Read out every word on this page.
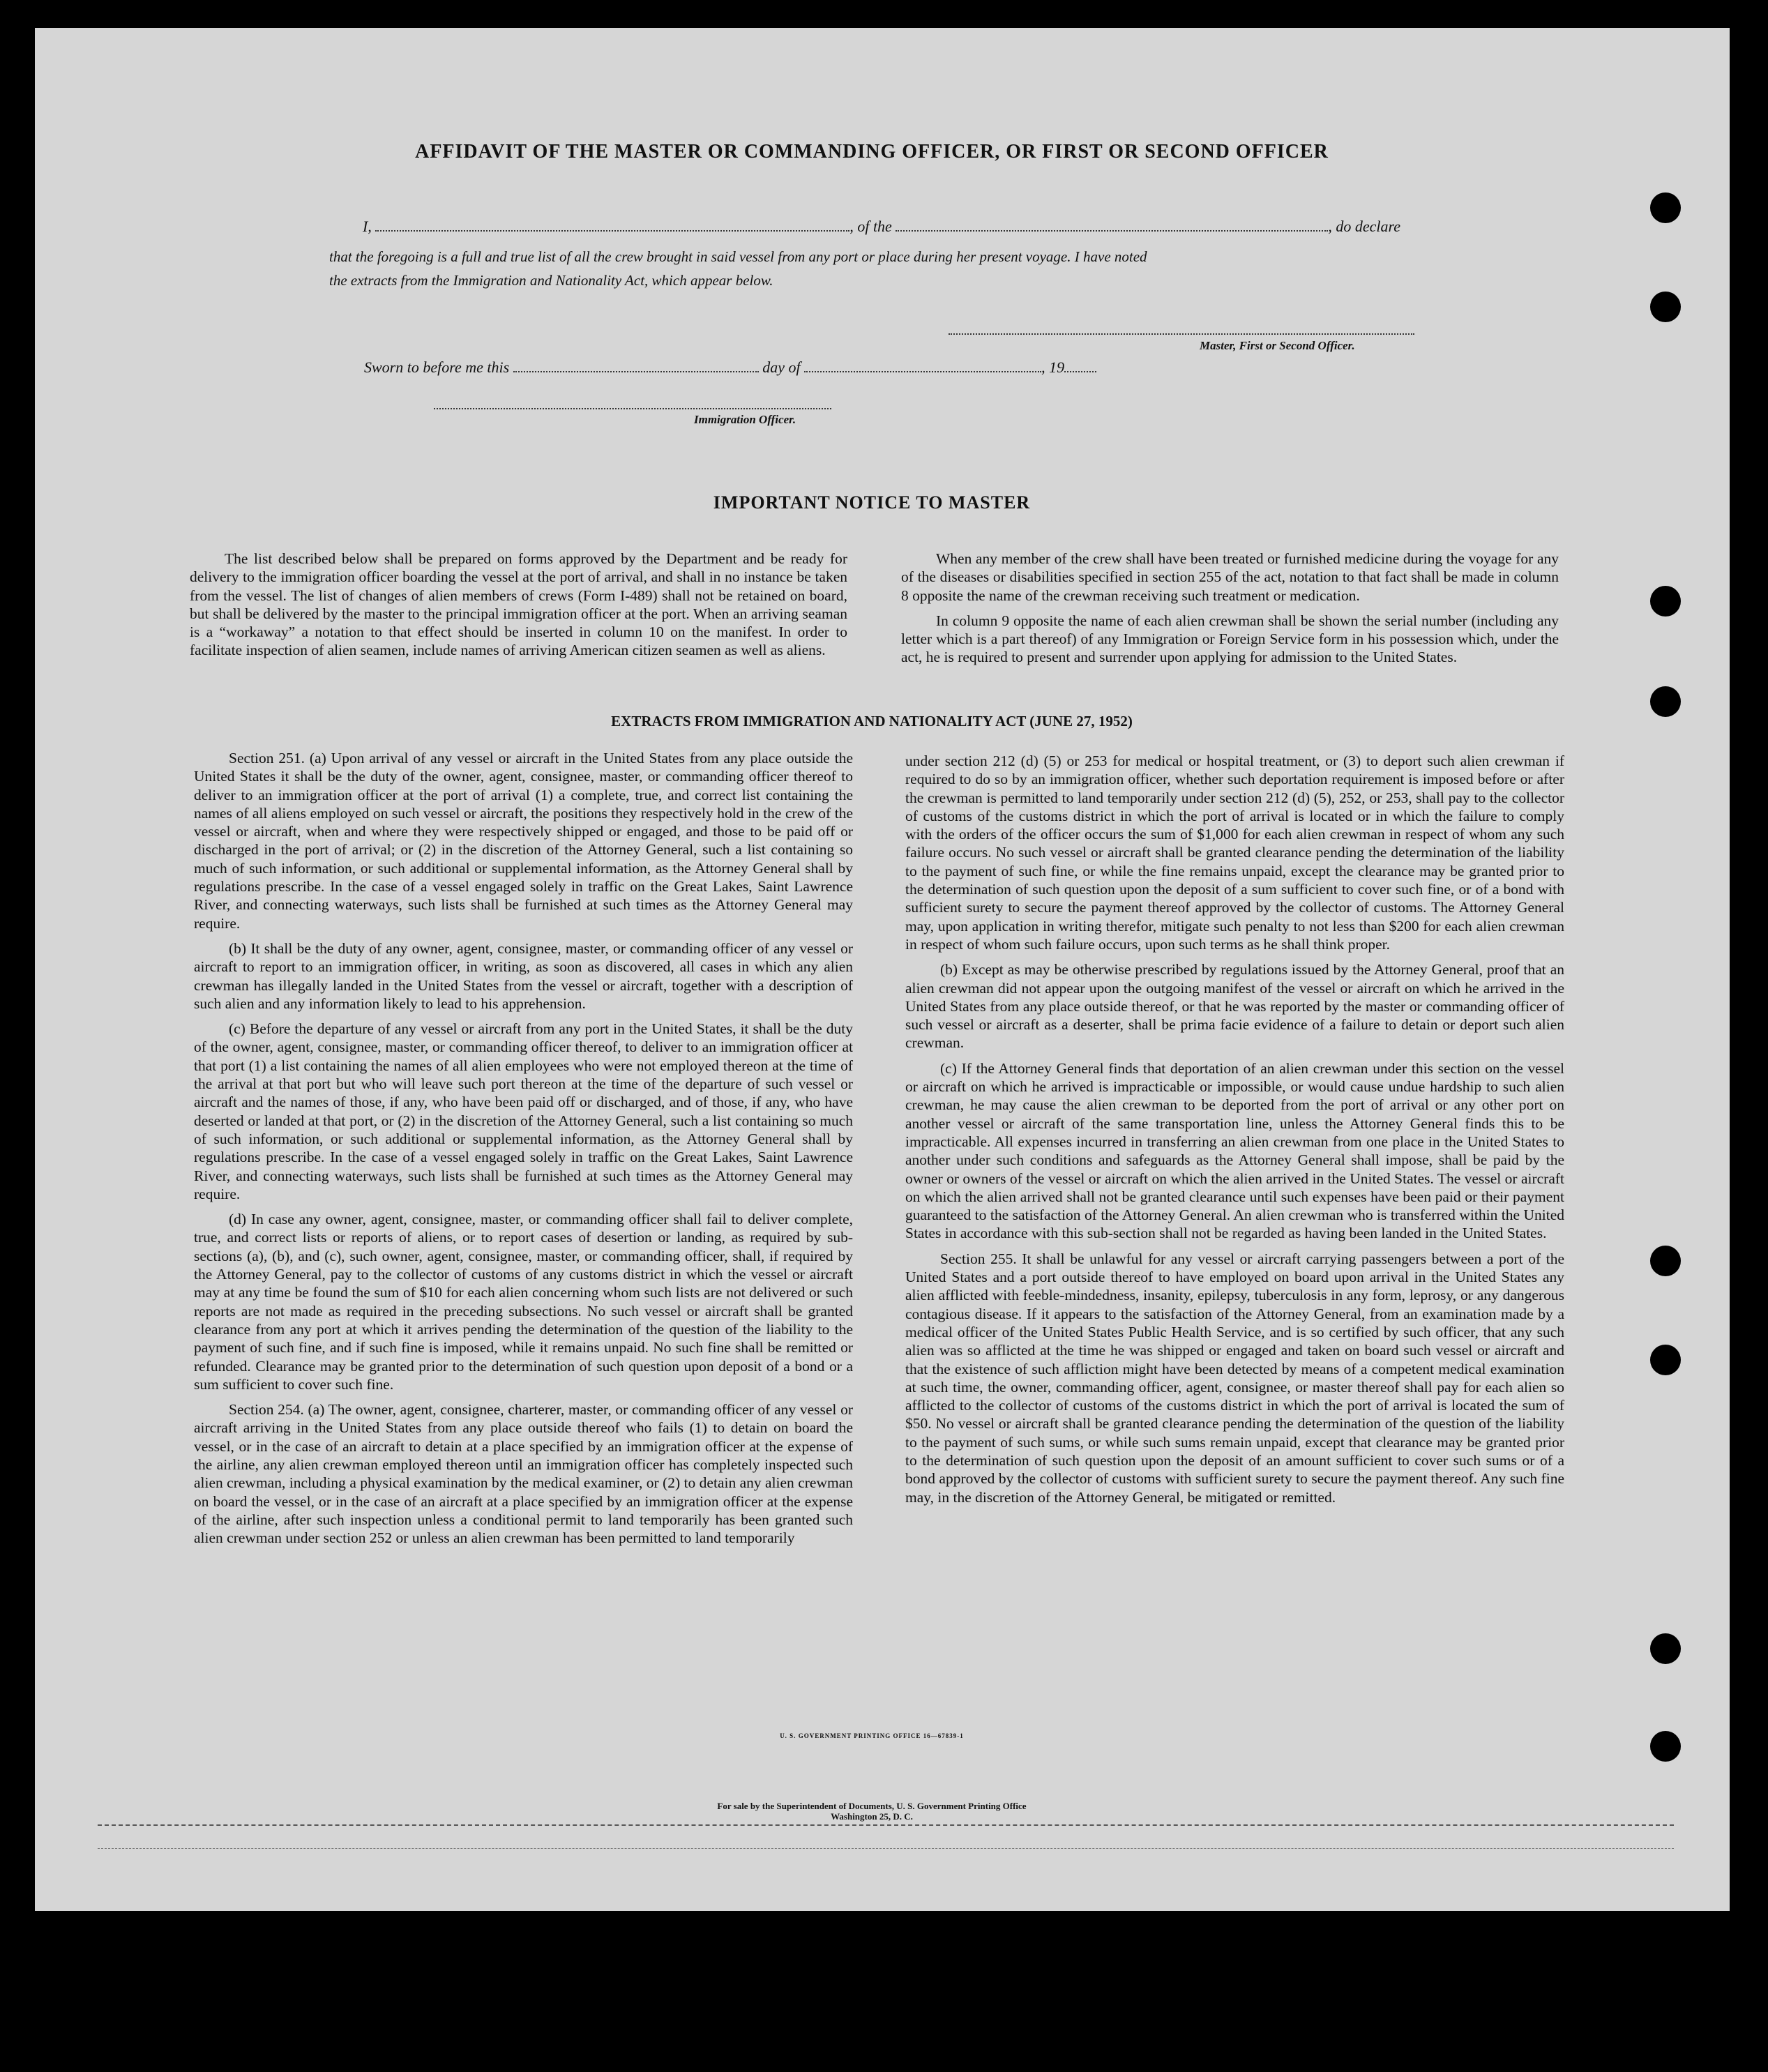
AFFIDAVIT OF THE MASTER OR COMMANDING OFFICER, OR FIRST OR SECOND OFFICER
I,	, of the	, do declare
that the foregoing is a full and true list of all the crew brought in said vessel from any port or place during her present voyage. I have noted
the extracts from the Immigration and Nationality Act, which appear below.
Master, First or Second Officer.
Sworn to before me this	day of	, 19
Immigration Officer.
IMPORTANT NOTICE TO MASTER

The list described below shall be prepared on forms approved by the Department and be ready for delivery to the immigration officer boarding the vessel at the port of arrival, and shall in no instance be taken from the vessel. The list of changes of alien members of crews (Form I-489) shall not be retained on board, but shall be delivered by the master to the principal immigration officer at the port. When an arriving seaman is a “workaway” a notation to that effect should be inserted in column 10 on the manifest. In order to facilitate inspection of alien seamen, include names of arriving American citizen seamen as well as aliens.

When any member of the crew shall have been treated or furnished medicine during the voyage for any of the diseases or disabilities specified in section 255 of the act, notation to that fact shall be made in column 8 opposite the name of the crewman receiving such treatment or medication.

In column 9 opposite the name of each alien crewman shall be shown the serial number (including any letter which is a part thereof) of any Immigration or Foreign Service form in his possession which, under the act, he is required to present and surrender upon applying for admission to the United States.

EXTRACTS FROM IMMIGRATION AND NATIONALITY ACT (JUNE 27, 1952)

Section 251. (a) Upon arrival of any vessel or aircraft in the United States from any place outside the United States it shall be the duty of the owner, agent, consignee, master, or commanding officer thereof to deliver to an immigration officer at the port of arrival (1) a complete, true, and correct list containing the names of all aliens employed on such vessel or aircraft, the positions they respectively hold in the crew of the vessel or aircraft, when and where they were respectively shipped or engaged, and those to be paid off or discharged in the port of arrival; or (2) in the discretion of the Attorney General, such a list containing so much of such information, or such additional or supplemental information, as the Attorney General shall by regulations prescribe. In the case of a vessel engaged solely in traffic on the Great Lakes, Saint Lawrence River, and connecting waterways, such lists shall be furnished at such times as the Attorney General may require.

(b) It shall be the duty of any owner, agent, consignee, master, or commanding officer of any vessel or aircraft to report to an immigration officer, in writing, as soon as discovered, all cases in which any alien crewman has illegally landed in the United States from the vessel or aircraft, together with a description of such alien and any information likely to lead to his apprehension.

(c) Before the departure of any vessel or aircraft from any port in the United States, it shall be the duty of the owner, agent, consignee, master, or commanding officer thereof, to deliver to an immigration officer at that port (1) a list containing the names of all alien employees who were not employed thereon at the time of the arrival at that port but who will leave such port thereon at the time of the departure of such vessel or aircraft and the names of those, if any, who have been paid off or discharged, and of those, if any, who have deserted or landed at that port, or (2) in the discretion of the Attorney General, such a list containing so much of such information, or such additional or supplemental information, as the Attorney General shall by regulations prescribe. In the case of a vessel engaged solely in traffic on the Great Lakes, Saint Lawrence River, and connecting waterways, such lists shall be furnished at such times as the Attorney General may require.

(d) In case any owner, agent, consignee, master, or commanding officer shall fail to deliver complete, true, and correct lists or reports of aliens, or to report cases of desertion or landing, as required by sub-sections (a), (b), and (c), such owner, agent, consignee, master, or commanding officer, shall, if required by the Attorney General, pay to the collector of customs of any customs district in which the vessel or aircraft may at any time be found the sum of $10 for each alien concerning whom such lists are not delivered or such reports are not made as required in the preceding subsections. No such vessel or aircraft shall be granted clearance from any port at which it arrives pending the determination of the question of the liability to the payment of such fine, and if such fine is imposed, while it remains unpaid. No such fine shall be remitted or refunded. Clearance may be granted prior to the determination of such question upon deposit of a bond or a sum sufficient to cover such fine.

Section 254. (a) The owner, agent, consignee, charterer, master, or commanding officer of any vessel or aircraft arriving in the United States from any place outside thereof who fails (1) to detain on board the vessel, or in the case of an aircraft to detain at a place specified by an immigration officer at the expense of the airline, any alien crewman employed thereon until an immigration officer has completely inspected such alien crewman, including a physical examination by the medical examiner, or (2) to detain any alien crewman on board the vessel, or in the case of an aircraft at a place specified by an immigration officer at the expense of the airline, after such inspection unless a conditional permit to land temporarily has been granted such alien crewman under section 252 or unless an alien crewman has been permitted to land temporarily

under section 212 (d) (5) or 253 for medical or hospital treatment, or (3) to deport such alien crewman if required to do so by an immigration officer, whether such deportation requirement is imposed before or after the crewman is permitted to land temporarily under section 212 (d) (5), 252, or 253, shall pay to the collector of customs of the customs district in which the port of arrival is located or in which the failure to comply with the orders of the officer occurs the sum of $1,000 for each alien crewman in respect of whom any such failure occurs. No such vessel or aircraft shall be granted clearance pending the determination of the liability to the payment of such fine, or while the fine remains unpaid, except the clearance may be granted prior to the determination of such question upon the deposit of a sum sufficient to cover such fine, or of a bond with sufficient surety to secure the payment thereof approved by the collector of customs. The Attorney General may, upon application in writing therefor, mitigate such penalty to not less than $200 for each alien crewman in respect of whom such failure occurs, upon such terms as he shall think proper.

(b) Except as may be otherwise prescribed by regulations issued by the Attorney General, proof that an alien crewman did not appear upon the outgoing manifest of the vessel or aircraft on which he arrived in the United States from any place outside thereof, or that he was reported by the master or commanding officer of such vessel or aircraft as a deserter, shall be prima facie evidence of a failure to detain or deport such alien crewman.

(c) If the Attorney General finds that deportation of an alien crewman under this section on the vessel or aircraft on which he arrived is impracticable or impossible, or would cause undue hardship to such alien crewman, he may cause the alien crewman to be deported from the port of arrival or any other port on another vessel or aircraft of the same transportation line, unless the Attorney General finds this to be impracticable. All expenses incurred in transferring an alien crewman from one place in the United States to another under such conditions and safeguards as the Attorney General shall impose, shall be paid by the owner or owners of the vessel or aircraft on which the alien arrived in the United States. The vessel or aircraft on which the alien arrived shall not be granted clearance until such expenses have been paid or their payment guaranteed to the satisfaction of the Attorney General. An alien crewman who is transferred within the United States in accordance with this sub-section shall not be regarded as having been landed in the United States.

Section 255. It shall be unlawful for any vessel or aircraft carrying passengers between a port of the United States and a port outside thereof to have employed on board upon arrival in the United States any alien afflicted with feeble-mindedness, insanity, epilepsy, tuberculosis in any form, leprosy, or any dangerous contagious disease. If it appears to the satisfaction of the Attorney General, from an examination made by a medical officer of the United States Public Health Service, and is so certified by such officer, that any such alien was so afflicted at the time he was shipped or engaged and taken on board such vessel or aircraft and that the existence of such affliction might have been detected by means of a competent medical examination at such time, the owner, commanding officer, agent, consignee, or master thereof shall pay for each alien so afflicted to the collector of customs of the customs district in which the port of arrival is located the sum of $50. No vessel or aircraft shall be granted clearance pending the determination of the question of the liability to the payment of such sums, or while such sums remain unpaid, except that clearance may be granted prior to the determination of such question upon the deposit of an amount sufficient to cover such sums or of a bond approved by the collector of customs with sufficient surety to secure the payment thereof. Any such fine may, in the discretion of the Attorney General, be mitigated or remitted.

U. S. GOVERNMENT PRINTING OFFICE 16—67839-1
For sale by the Superintendent of Documents, U. S. Government Printing Office
Washington 25, D. C.
